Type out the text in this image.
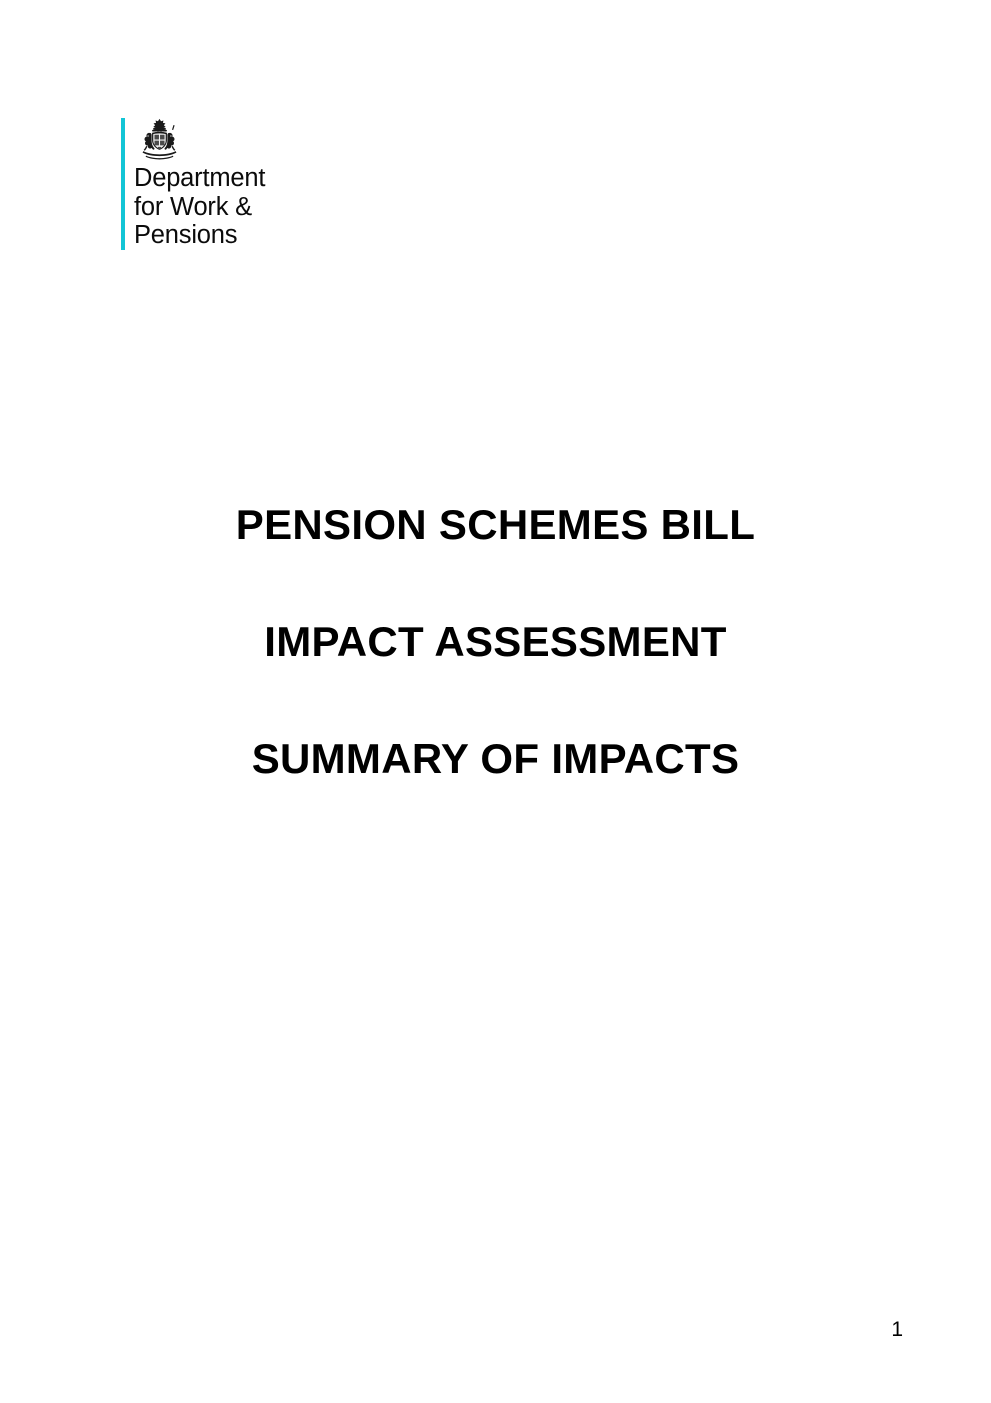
Department
for Work &
Pensions
PENSION SCHEMES BILL
IMPACT ASSESSMENT
SUMMARY OF IMPACTS
1
